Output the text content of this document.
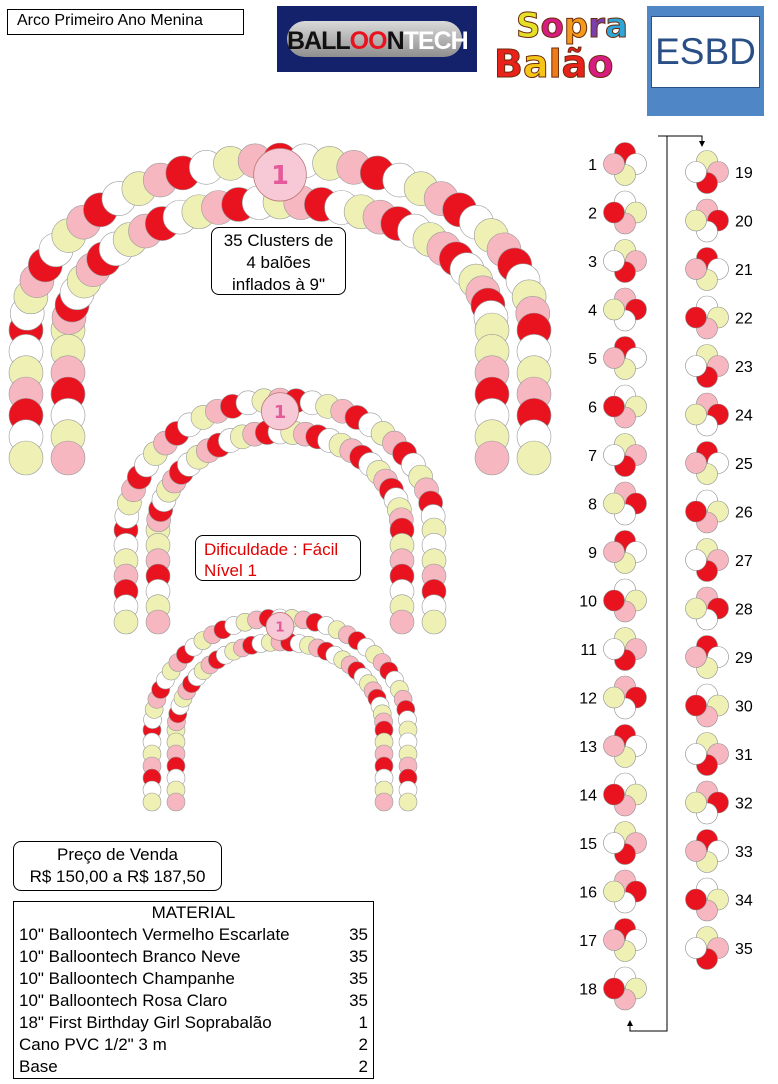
Arco Primeiro Ano Menina
BALLOONTECH Sopra
Balão ESBD
1
1
1
35 Clusters de
4 balões
inflados à 9"
Dificuldade : Fácil
Nível 1
Preço de Venda
R$ 150,00 a R$ 187,50
MATERIAL
10" Balloontech Vermelho Escarlate	35
10" Balloontech Branco Neve	35
10" Balloontech Champanhe	35
10" Balloontech Rosa Claro	35
18" First Birthday Girl Soprabalão	1
Cano PVC 1/2" 3 m	2
Base	2
1
2
3
4
5
6
7
8
9
10
11
12
13
14
15
16
17
18
19
20
21
22
23
24
25
26
27
28
29
30
31
32
33
34
35
